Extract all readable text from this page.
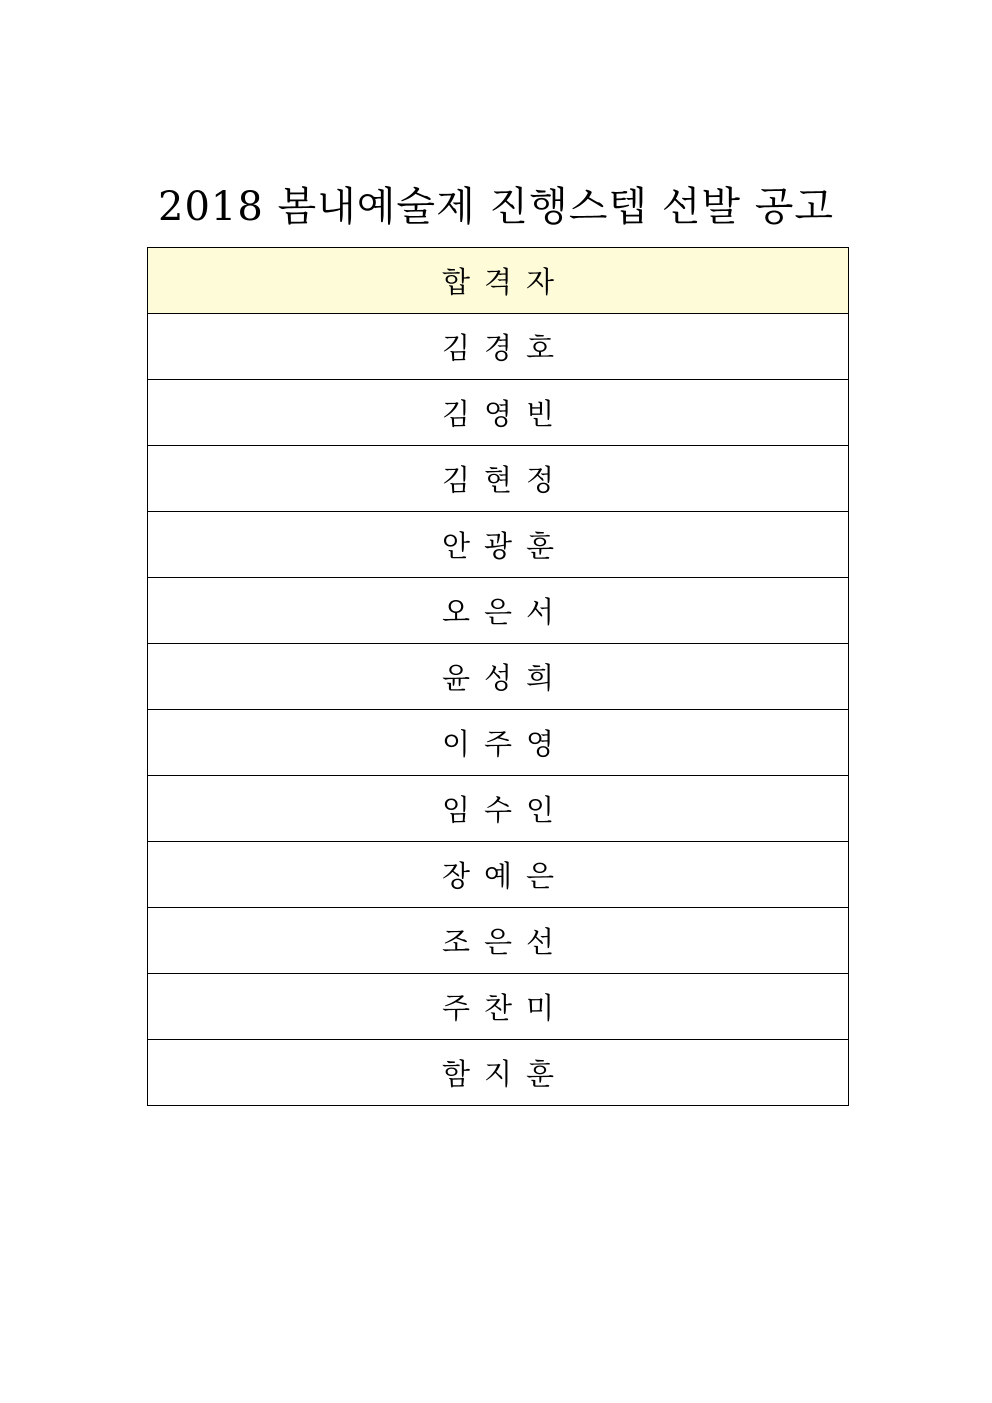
2018 봄내예술제 진행스텝 선발 공고
합격자
김경호
김영빈
김현정
안광훈
오은서
윤성희
이주영
임수인
장예은
조은선
주찬미
함지훈
